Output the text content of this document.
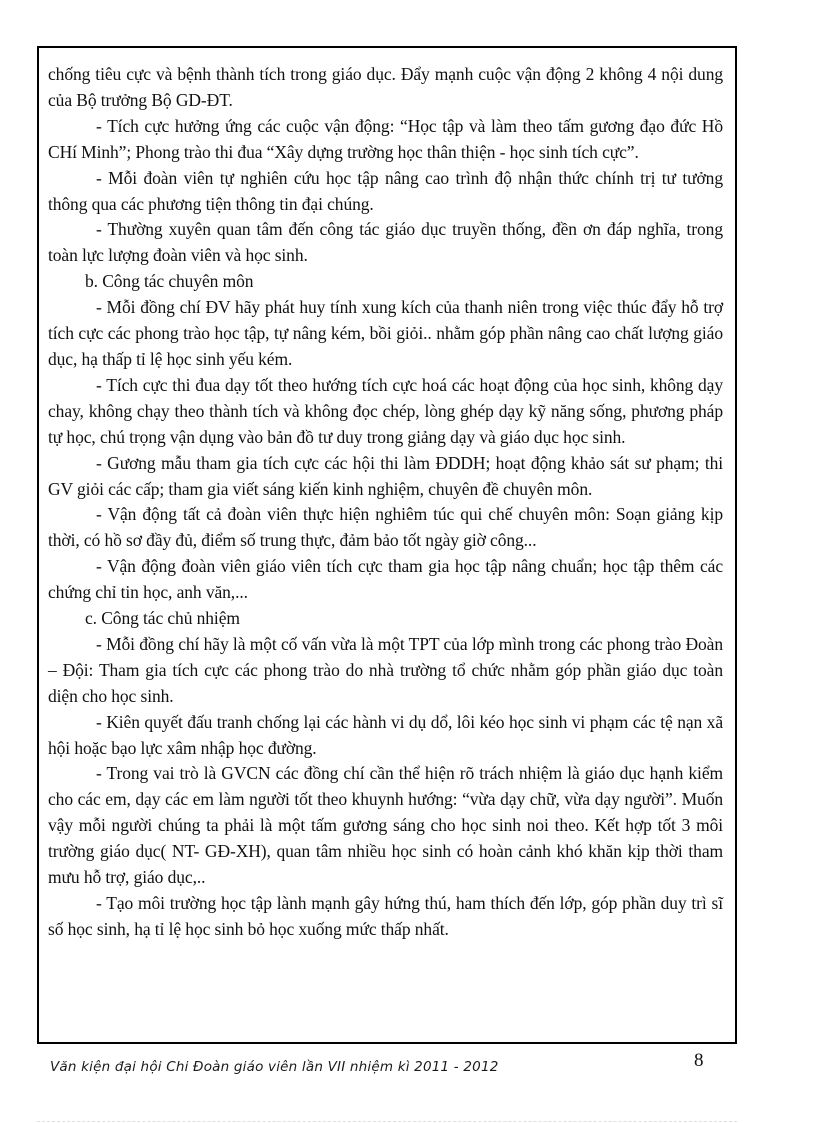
chống tiêu cực và bệnh thành tích trong giáo dục. Đẩy mạnh cuộc vận động 2 không 4 nội dung của Bộ trưởng Bộ GD-ĐT.

- Tích cực hưởng ứng các cuộc vận động: “Học tập và làm theo tấm gương đạo đức Hồ CHí Minh”; Phong trào thi đua “Xây dựng trường học thân thiện - học sinh tích cực”.

- Mỗi đoàn viên tự nghiên cứu học tập nâng cao trình độ nhận thức chính trị tư tưởng thông qua các phương tiện thông tin đại chúng.

- Thường xuyên quan tâm đến công tác giáo dục truyền thống, đền ơn đáp nghĩa, trong toàn lực lượng đoàn viên và học sinh.

b. Công tác chuyên môn

- Mỗi đồng chí ĐV hãy phát huy tính xung kích của thanh niên trong việc thúc đẩy hỗ trợ tích cực các phong trào học tập, tự nâng kém, bồi giỏi.. nhằm góp phần nâng cao chất lượng giáo dục, hạ thấp tỉ lệ học sinh yếu kém.

- Tích cực thi đua dạy tốt theo hướng tích cực hoá các hoạt động của học sinh, không dạy chay, không chạy theo thành tích và không đọc chép, lòng ghép dạy kỹ năng sống, phương pháp tự học, chú trọng vận dụng vào bản đồ tư duy trong giảng dạy và giáo dục học sinh.

- Gương mẫu tham gia tích cực các hội thi làm ĐDDH; hoạt động khảo sát sư phạm; thi GV giỏi các cấp; tham gia viết sáng kiến kinh nghiệm, chuyên đề chuyên môn.

- Vận động tất cả đoàn viên thực hiện nghiêm túc qui chế chuyên môn: Soạn giảng kịp thời, có hồ sơ đầy đủ, điểm số trung thực, đảm bảo tốt ngày giờ công...

- Vận động đoàn viên giáo viên tích cực tham gia học tập nâng chuẩn; học tập thêm các chứng chỉ tin học, anh văn,...

c. Công tác chủ nhiệm

- Mỗi đồng chí hãy là một cố vấn vừa là một TPT của lớp mình trong các phong trào Đoàn – Đội: Tham gia tích cực các phong trào do nhà trường tổ chức nhằm góp phần giáo dục toàn diện cho học sinh.

- Kiên quyết đấu tranh chống lại các hành vi dụ dổ, lôi kéo học sinh vi phạm các tệ nạn xã hội hoặc bạo lực xâm nhập học đường.

- Trong vai trò là GVCN các đồng chí cần thể hiện rõ trách nhiệm là giáo dục hạnh kiểm cho các em, dạy các em làm người tốt theo khuynh hướng: “vừa dạy chữ, vừa dạy người”. Muốn vậy mỗi người chúng ta phải là một tấm gương sáng cho học sinh noi theo. Kết hợp tốt 3 môi trường giáo dục( NT- GĐ-XH), quan tâm nhiều học sinh có hoàn cảnh khó khăn kịp thời tham mưu hỗ trợ, giáo dục,..

- Tạo môi trường học tập lành mạnh gây hứng thú, ham thích đến lớp, góp phần duy trì sĩ số học sinh, hạ tỉ lệ học sinh bỏ học xuống mức thấp nhất.

Văn kiện đại hội Chi Đoàn giáo viên lần VII nhiệm kì 2011 - 2012	8
